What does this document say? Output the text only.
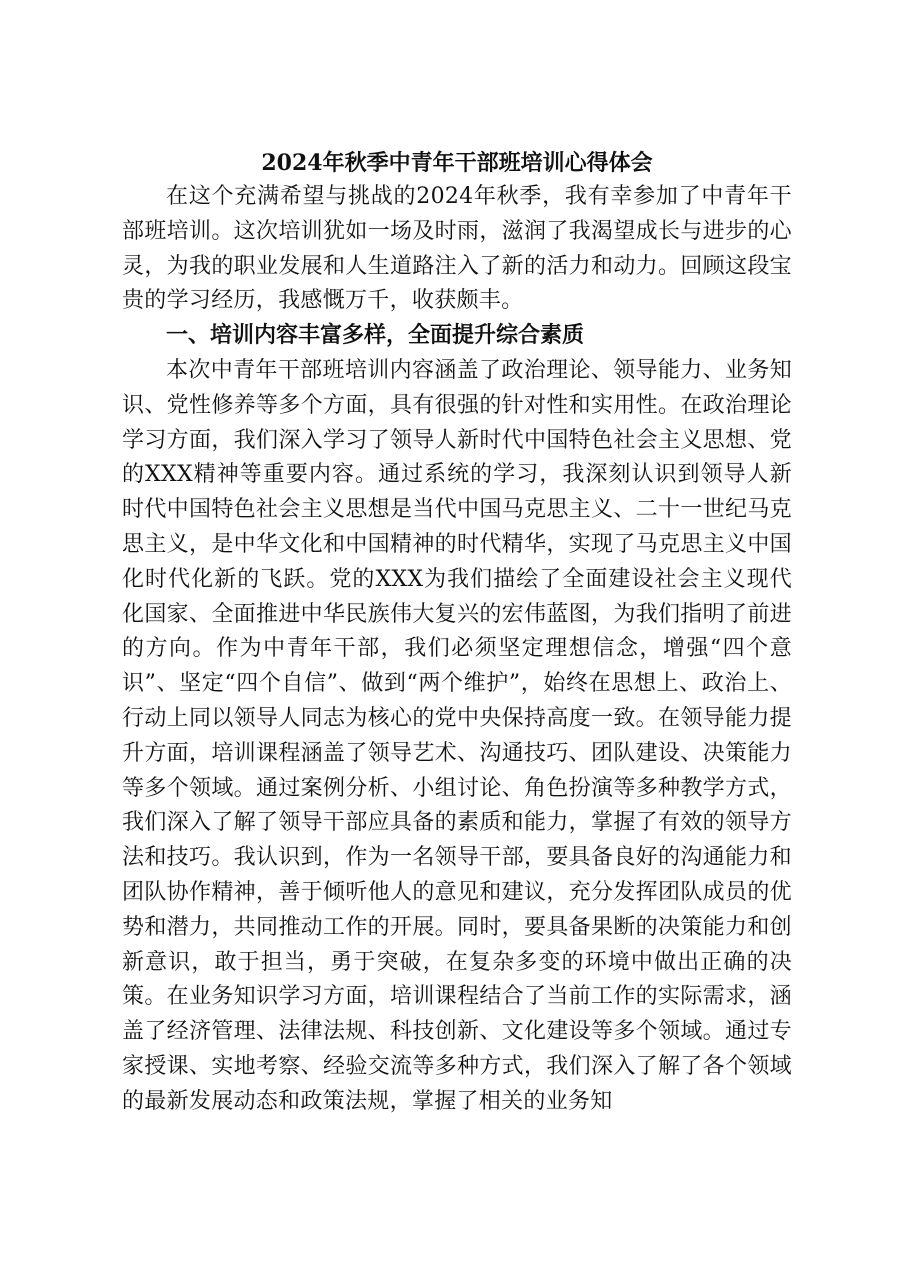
2024年秋季中青年干部班培训心得体会

在这个充满希望与挑战的2024年秋季，我有幸参加了中青年干部班培训。这次培训犹如一场及时雨，滋润了我渴望成长与进步的心灵，为我的职业发展和人生道路注入了新的活力和动力。回顾这段宝贵的学习经历，我感慨万千，收获颇丰。

一、培训内容丰富多样，全面提升综合素质

本次中青年干部班培训内容涵盖了政治理论、领导能力、业务知识、党性修养等多个方面，具有很强的针对性和实用性。在政治理论学习方面，我们深入学习了领导人新时代中国特色社会主义思想、党的XXX精神等重要内容。通过系统的学习，我深刻认识到领导人新时代中国特色社会主义思想是当代中国马克思主义、二十一世纪马克思主义，是中华文化和中国精神的时代精华，实现了马克思主义中国化时代化新的飞跃。党的XXX为我们描绘了全面建设社会主义现代化国家、全面推进中华民族伟大复兴的宏伟蓝图，为我们指明了前进的方向。作为中青年干部，我们必须坚定理想信念，增强“四个意识”、坚定“四个自信”、做到“两个维护”，始终在思想上、政治上、行动上同以领导人同志为核心的党中央保持高度一致。在领导能力提升方面，培训课程涵盖了领导艺术、沟通技巧、团队建设、决策能力等多个领域。通过案例分析、小组讨论、角色扮演等多种教学方式，我们深入了解了领导干部应具备的素质和能力，掌握了有效的领导方法和技巧。我认识到，作为一名领导干部，要具备良好的沟通能力和团队协作精神，善于倾听他人的意见和建议，充分发挥团队成员的优势和潜力，共同推动工作的开展。同时，要具备果断的决策能力和创新意识，敢于担当，勇于突破，在复杂多变的环境中做出正确的决策。在业务知识学习方面，培训课程结合了当前工作的实际需求，涵盖了经济管理、法律法规、科技创新、文化建设等多个领域。通过专家授课、实地考察、经验交流等多种方式，我们深入了解了各个领域的最新发展动态和政策法规，掌握了相关的业务知
